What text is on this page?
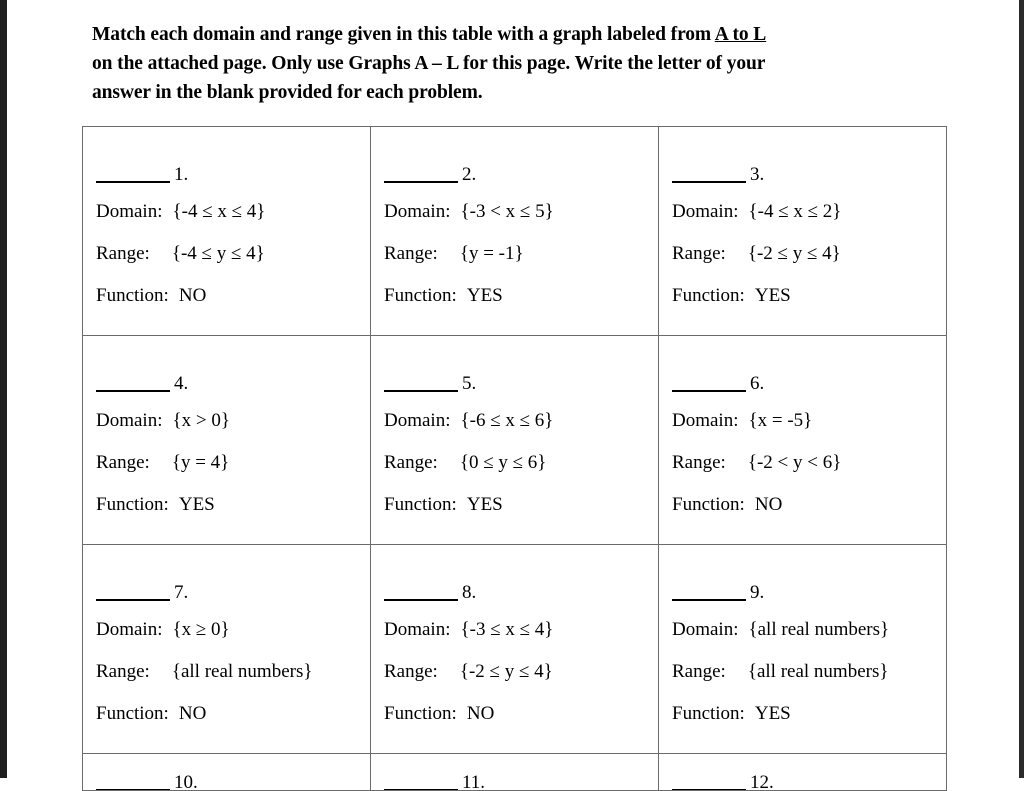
Match each domain and range given in this table with a graph labeled from A to L
on the attached page. Only use Graphs A – L for this page. Write the letter of your
answer in the blank provided for each problem.
1.
Domain: {-4 ≤ x ≤ 4}
Range: {-4 ≤ y ≤ 4}
Function: NO

2.
Domain: {-3 < x ≤ 5}
Range: {y = -1}
Function: YES

3.
Domain: {-4 ≤ x ≤ 2}
Range: {-2 ≤ y ≤ 4}
Function: YES

4.
Domain: {x > 0}
Range: {y = 4}
Function: YES

5.
Domain: {-6 ≤ x ≤ 6}
Range: {0 ≤ y ≤ 6}
Function: YES

6.
Domain: {x = -5}
Range: {-2 < y < 6}
Function: NO

7.
Domain: {x ≥ 0}
Range: {all real numbers}
Function: NO

8.
Domain: {-3 ≤ x ≤ 4}
Range: {-2 ≤ y ≤ 4}
Function: NO

9.
Domain: {all real numbers}
Range: {all real numbers}
Function: YES

10.	11.	12.
